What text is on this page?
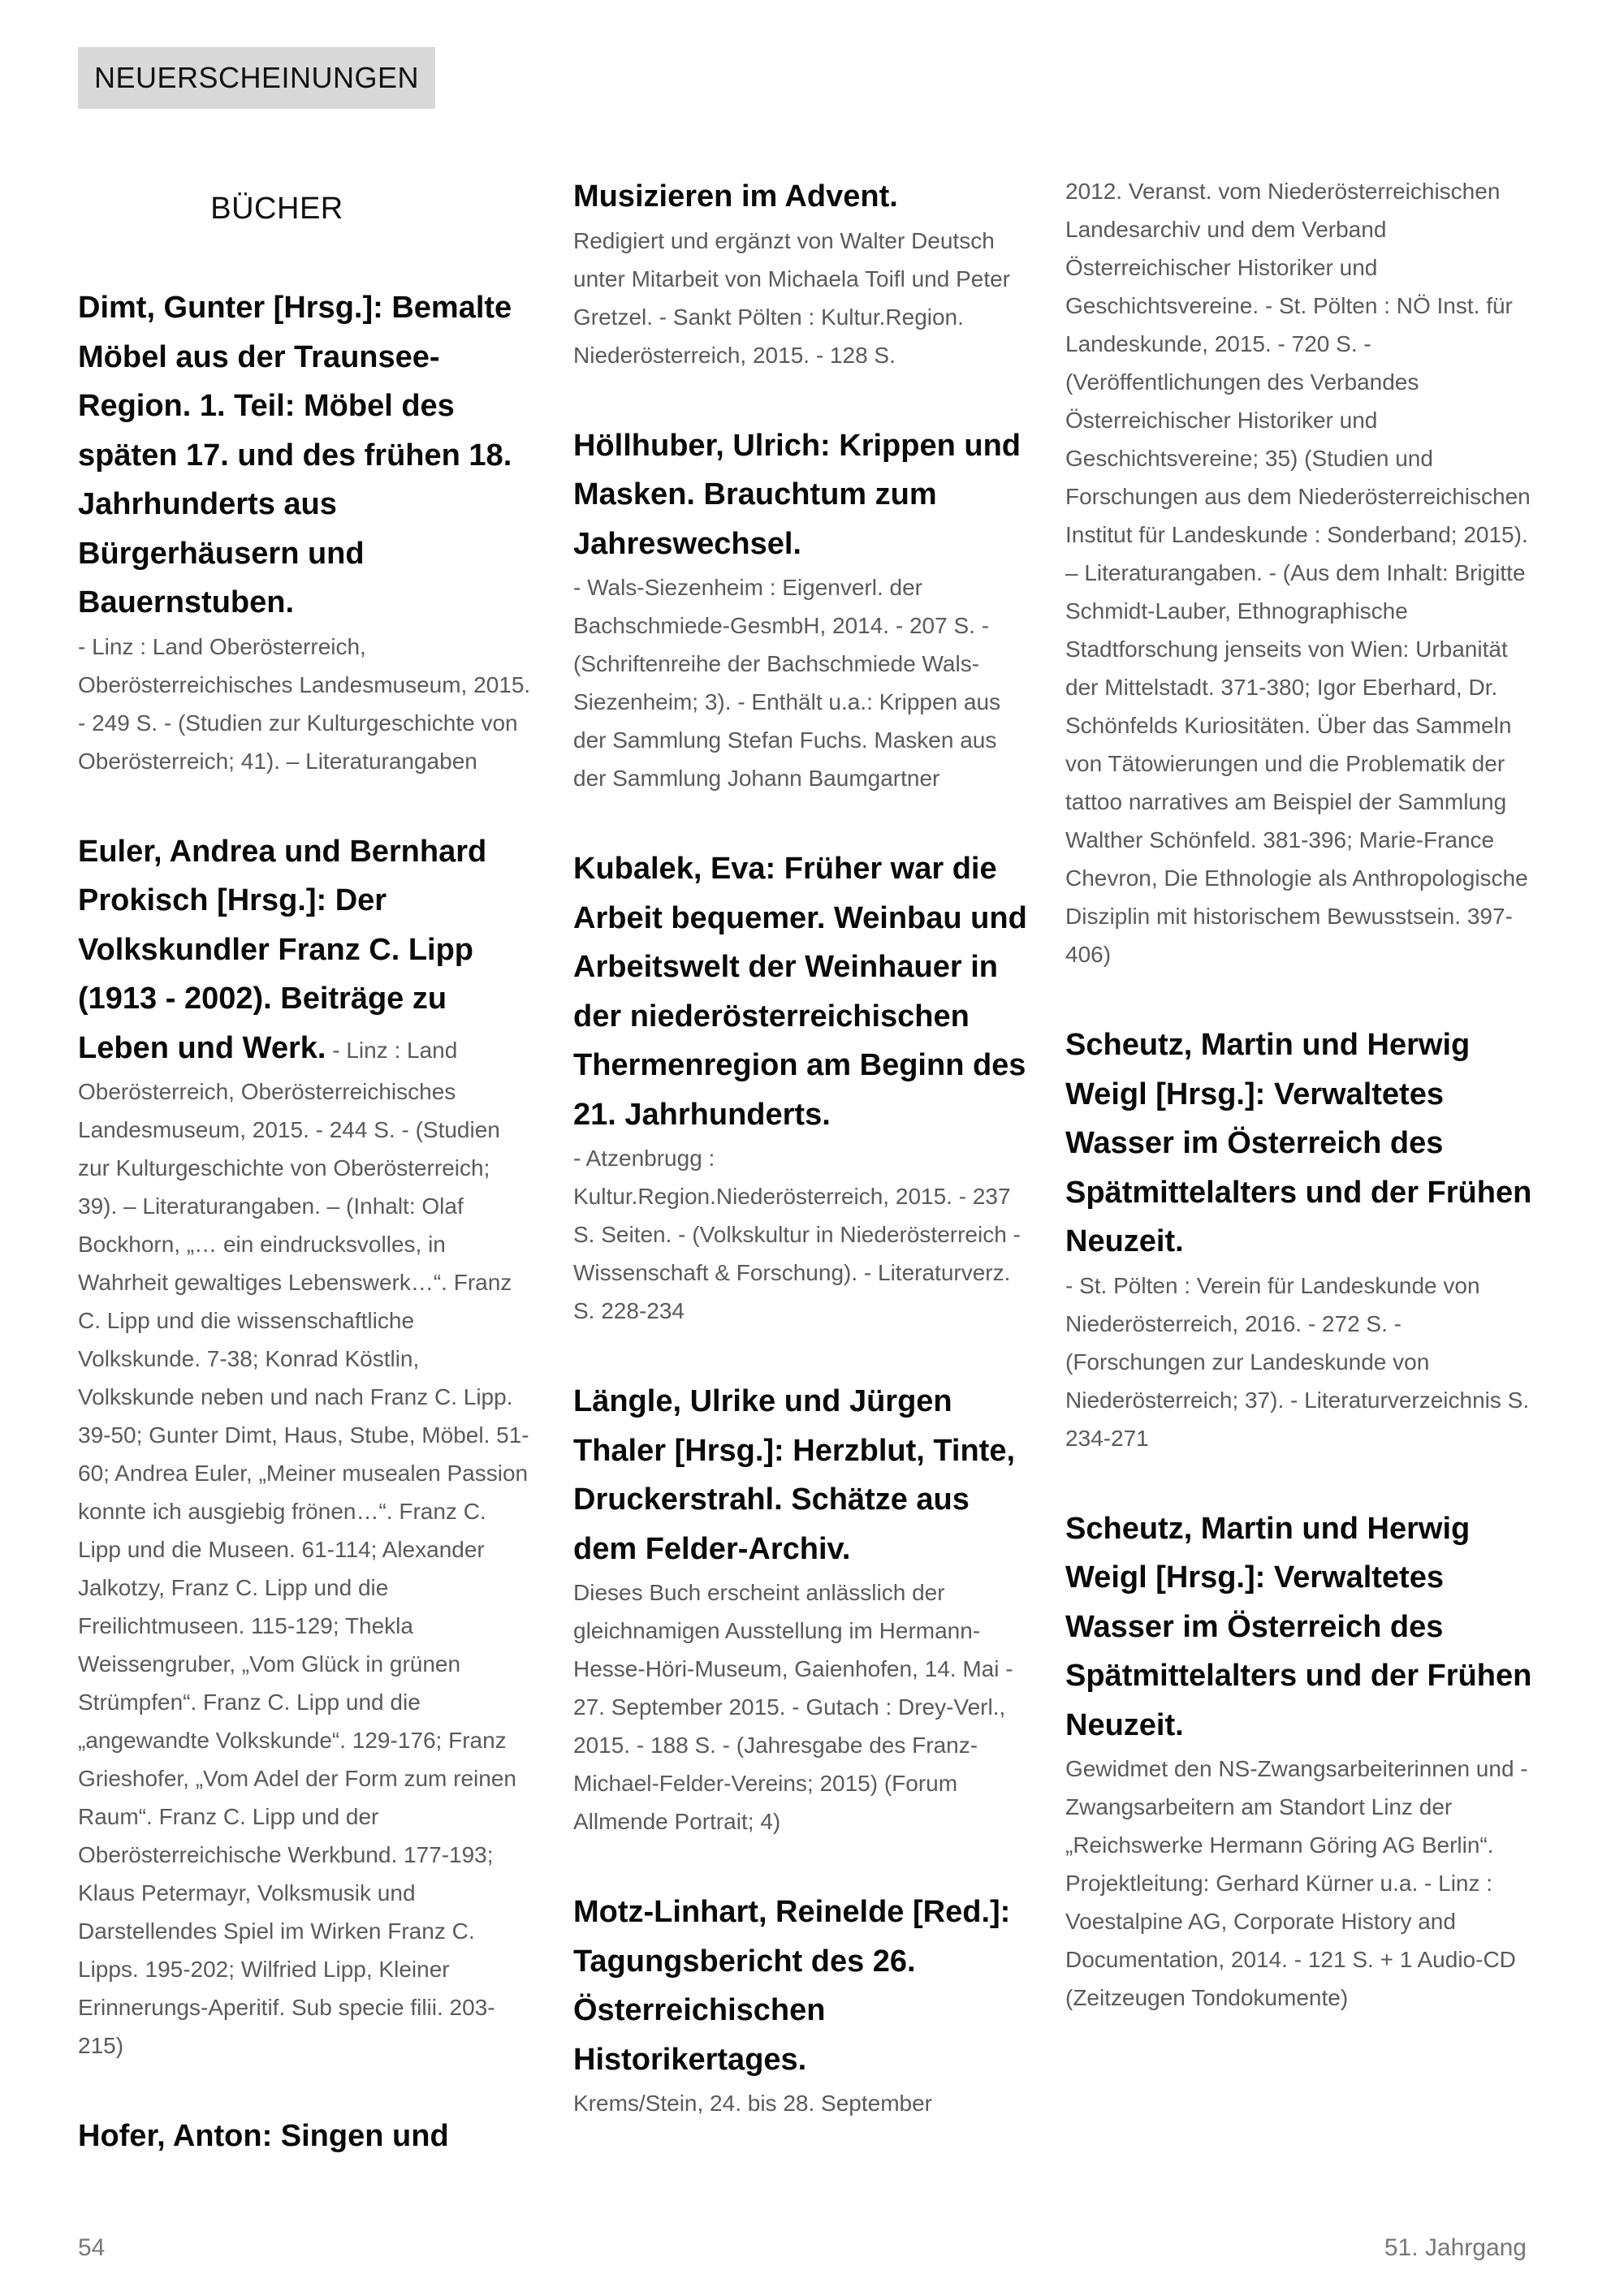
NEUERSCHEINUNGEN
BÜCHER
Dimt, Gunter [Hrsg.]: Bemalte Möbel aus der Traunsee-Region. 1. Teil: Möbel des späten 17. und des frühen 18. Jahrhunderts aus Bürgerhäusern und Bauernstuben.
- Linz : Land Oberösterreich, Oberösterreichisches Landesmuseum, 2015. - 249 S. - (Studien zur Kulturgeschichte von Oberösterreich; 41). – Literaturangaben
Euler, Andrea und Bernhard Prokisch [Hrsg.]: Der Volkskundler Franz C. Lipp (1913 - 2002). Beiträge zu Leben und Werk. - Linz : Land Oberösterreich, Oberösterreichisches Landesmuseum, 2015. - 244 S. - (Studien zur Kulturgeschichte von Oberösterreich; 39). – Literaturangaben. – (Inhalt: Olaf Bockhorn, „… ein eindrucksvolles, in Wahrheit gewaltiges Lebenswerk…“. Franz C. Lipp und die wissenschaftliche Volkskunde. 7-38; Konrad Köstlin, Volkskunde neben und nach Franz C. Lipp. 39-50; Gunter Dimt, Haus, Stube, Möbel. 51-60; Andrea Euler, „Meiner musealen Passion konnte ich ausgiebig frönen…“. Franz C. Lipp und die Museen. 61-114; Alexander Jalkotzy, Franz C. Lipp und die Freilichtmuseen. 115-129; Thekla Weissengruber, „Vom Glück in grünen Strümpfen“. Franz C. Lipp und die „angewandte Volkskunde“. 129-176; Franz Grieshofer, „Vom Adel der Form zum reinen Raum“. Franz C. Lipp und der Oberösterreichische Werkbund. 177-193; Klaus Petermayr, Volksmusik und Darstellendes Spiel im Wirken Franz C. Lipps. 195-202; Wilfried Lipp, Kleiner Erinnerungs-Aperitif. Sub specie filii. 203-215)
Hofer, Anton: Singen und
Musizieren im Advent.
Redigiert und ergänzt von Walter Deutsch unter Mitarbeit von Michaela Toifl und Peter Gretzel. - Sankt Pölten : Kultur.Region. Niederösterreich, 2015. - 128 S.
Höllhuber, Ulrich: Krippen und Masken. Brauchtum zum Jahreswechsel.
- Wals-Siezenheim : Eigenverl. der Bachschmiede-GesmbH, 2014. - 207 S. - (Schriftenreihe der Bachschmiede Wals-Siezenheim; 3). - Enthält u.a.: Krippen aus der Sammlung Stefan Fuchs. Masken aus der Sammlung Johann Baumgartner
Kubalek, Eva: Früher war die Arbeit bequemer. Weinbau und Arbeitswelt der Weinhauer in der niederösterreichischen Thermenregion am Beginn des 21. Jahrhunderts.
- Atzenbrugg : Kultur.Region.Niederösterreich, 2015. - 237 S. Seiten. - (Volkskultur in Niederösterreich - Wissenschaft & Forschung). - Literaturverz. S. 228-234
Längle, Ulrike und Jürgen Thaler [Hrsg.]: Herzblut, Tinte, Druckerstrahl. Schätze aus dem Felder-Archiv.
Dieses Buch erscheint anlässlich der gleichnamigen Ausstellung im Hermann-Hesse-Höri-Museum, Gaienhofen, 14. Mai - 27. September 2015. - Gutach : Drey-Verl., 2015. - 188 S. - (Jahresgabe des Franz-Michael-Felder-Vereins; 2015) (Forum Allmende Portrait; 4)
Motz-Linhart, Reinelde [Red.]: Tagungsbericht des 26. Österreichischen Historikertages.
Krems/Stein, 24. bis 28. September
2012. Veranst. vom Niederösterreichischen Landesarchiv und dem Verband Österreichischer Historiker und Geschichtsvereine. - St. Pölten : NÖ Inst. für Landeskunde, 2015. - 720 S. - (Veröffentlichungen des Verbandes Österreichischer Historiker und Geschichtsvereine; 35) (Studien und Forschungen aus dem Niederösterreichischen Institut für Landeskunde : Sonderband; 2015). – Literaturangaben. - (Aus dem Inhalt: Brigitte Schmidt-Lauber, Ethnographische Stadtforschung jenseits von Wien: Urbanität der Mittelstadt. 371-380; Igor Eberhard, Dr. Schönfelds Kuriositäten. Über das Sammeln von Tätowierungen und die Problematik der tattoo narratives am Beispiel der Sammlung Walther Schönfeld. 381-396; Marie-France Chevron, Die Ethnologie als Anthropologische Disziplin mit historischem Bewusstsein. 397-406)
Scheutz, Martin und Herwig Weigl [Hrsg.]: Verwaltetes Wasser im Österreich des Spätmittelalters und der Frühen Neuzeit.
- St. Pölten : Verein für Landeskunde von Niederösterreich, 2016. - 272 S. - (Forschungen zur Landeskunde von Niederösterreich; 37). - Literaturverzeichnis S. 234-271
Scheutz, Martin und Herwig Weigl [Hrsg.]: Verwaltetes Wasser im Österreich des Spätmittelalters und der Frühen Neuzeit.
Gewidmet den NS-Zwangsarbeiterinnen und -Zwangsarbeitern am Standort Linz der „Reichswerke Hermann Göring AG Berlin“. Projektleitung: Gerhard Kürner u.a. - Linz : Voestalpine AG, Corporate History and Documentation, 2014. - 121 S. + 1 Audio-CD (Zeitzeugen Tondokumente)
54	51. Jahrgang
